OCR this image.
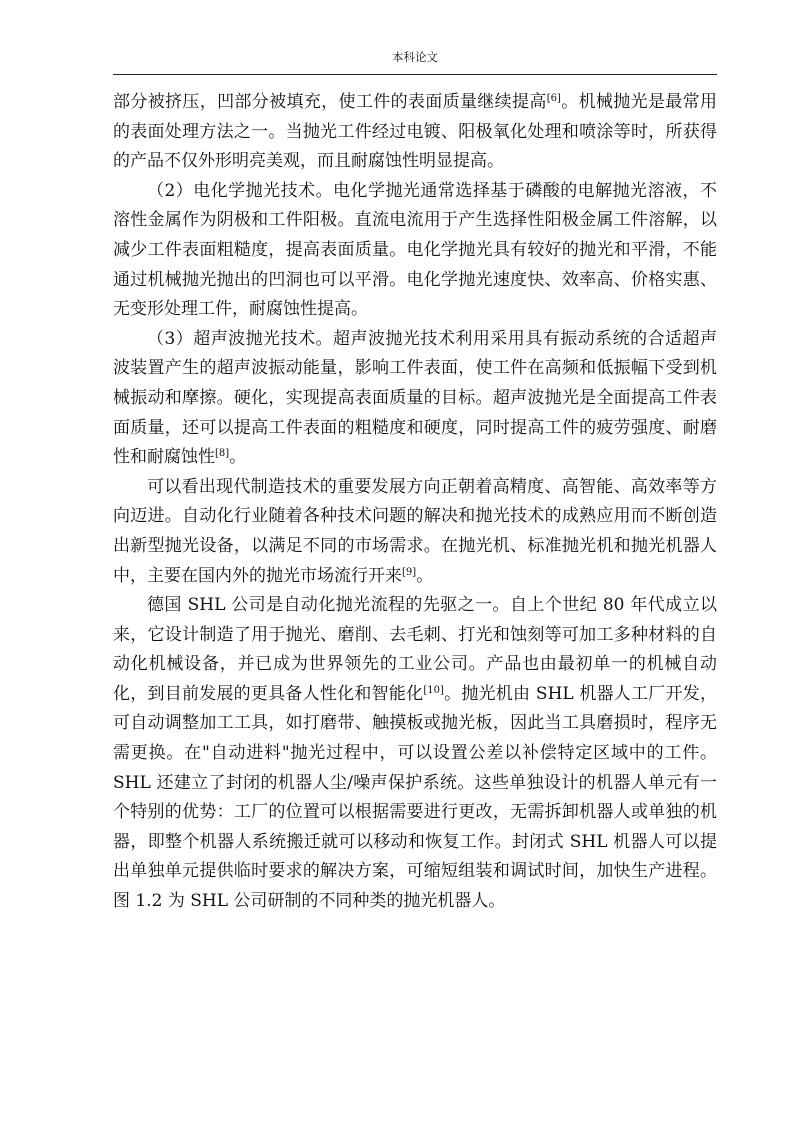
本科论文

部分被挤压，凹部分被填充，使工件的表面质量继续提高[6]。机械抛光是最常用的表面处理方法之一。当抛光工件经过电镀、阳极氧化处理和喷涂等时，所获得的产品不仅外形明亮美观，而且耐腐蚀性明显提高。

（2）电化学抛光技术。电化学抛光通常选择基于磷酸的电解抛光溶液，不溶性金属作为阴极和工件阳极。直流电流用于产生选择性阳极金属工件溶解，以减少工件表面粗糙度，提高表面质量。电化学抛光具有较好的抛光和平滑，不能通过机械抛光抛出的凹洞也可以平滑。电化学抛光速度快、效率高、价格实惠、无变形处理工件，耐腐蚀性提高。

（3）超声波抛光技术。超声波抛光技术利用采用具有振动系统的合适超声波装置产生的超声波振动能量，影响工件表面，使工件在高频和低振幅下受到机械振动和摩擦。硬化，实现提高表面质量的目标。超声波抛光是全面提高工件表面质量，还可以提高工件表面的粗糙度和硬度，同时提高工件的疲劳强度、耐磨性和耐腐蚀性[8]。

可以看出现代制造技术的重要发展方向正朝着高精度、高智能、高效率等方向迈进。自动化行业随着各种技术问题的解决和抛光技术的成熟应用而不断创造出新型抛光设备，以满足不同的市场需求。在抛光机、标准抛光机和抛光机器人中，主要在国内外的抛光市场流行开来[9]。

德国 SHL 公司是自动化抛光流程的先驱之一。自上个世纪 80 年代成立以来，它设计制造了用于抛光、磨削、去毛刺、打光和蚀刻等可加工多种材料的自动化机械设备，并已成为世界领先的工业公司。产品也由最初单一的机械自动化，到目前发展的更具备人性化和智能化[10]。抛光机由 SHL 机器人工厂开发，可自动调整加工工具，如打磨带、触摸板或抛光板，因此当工具磨损时，程序无需更换。在"自动进料"抛光过程中，可以设置公差以补偿特定区域中的工件。SHL 还建立了封闭的机器人尘/噪声保护系统。这些单独设计的机器人单元有一个特别的优势：工厂的位置可以根据需要进行更改，无需拆卸机器人或单独的机器，即整个机器人系统搬迁就可以移动和恢复工作。封闭式 SHL 机器人可以提出单独单元提供临时要求的解决方案，可缩短组装和调试时间，加快生产进程。图 1.2 为 SHL 公司研制的不同种类的抛光机器人。
